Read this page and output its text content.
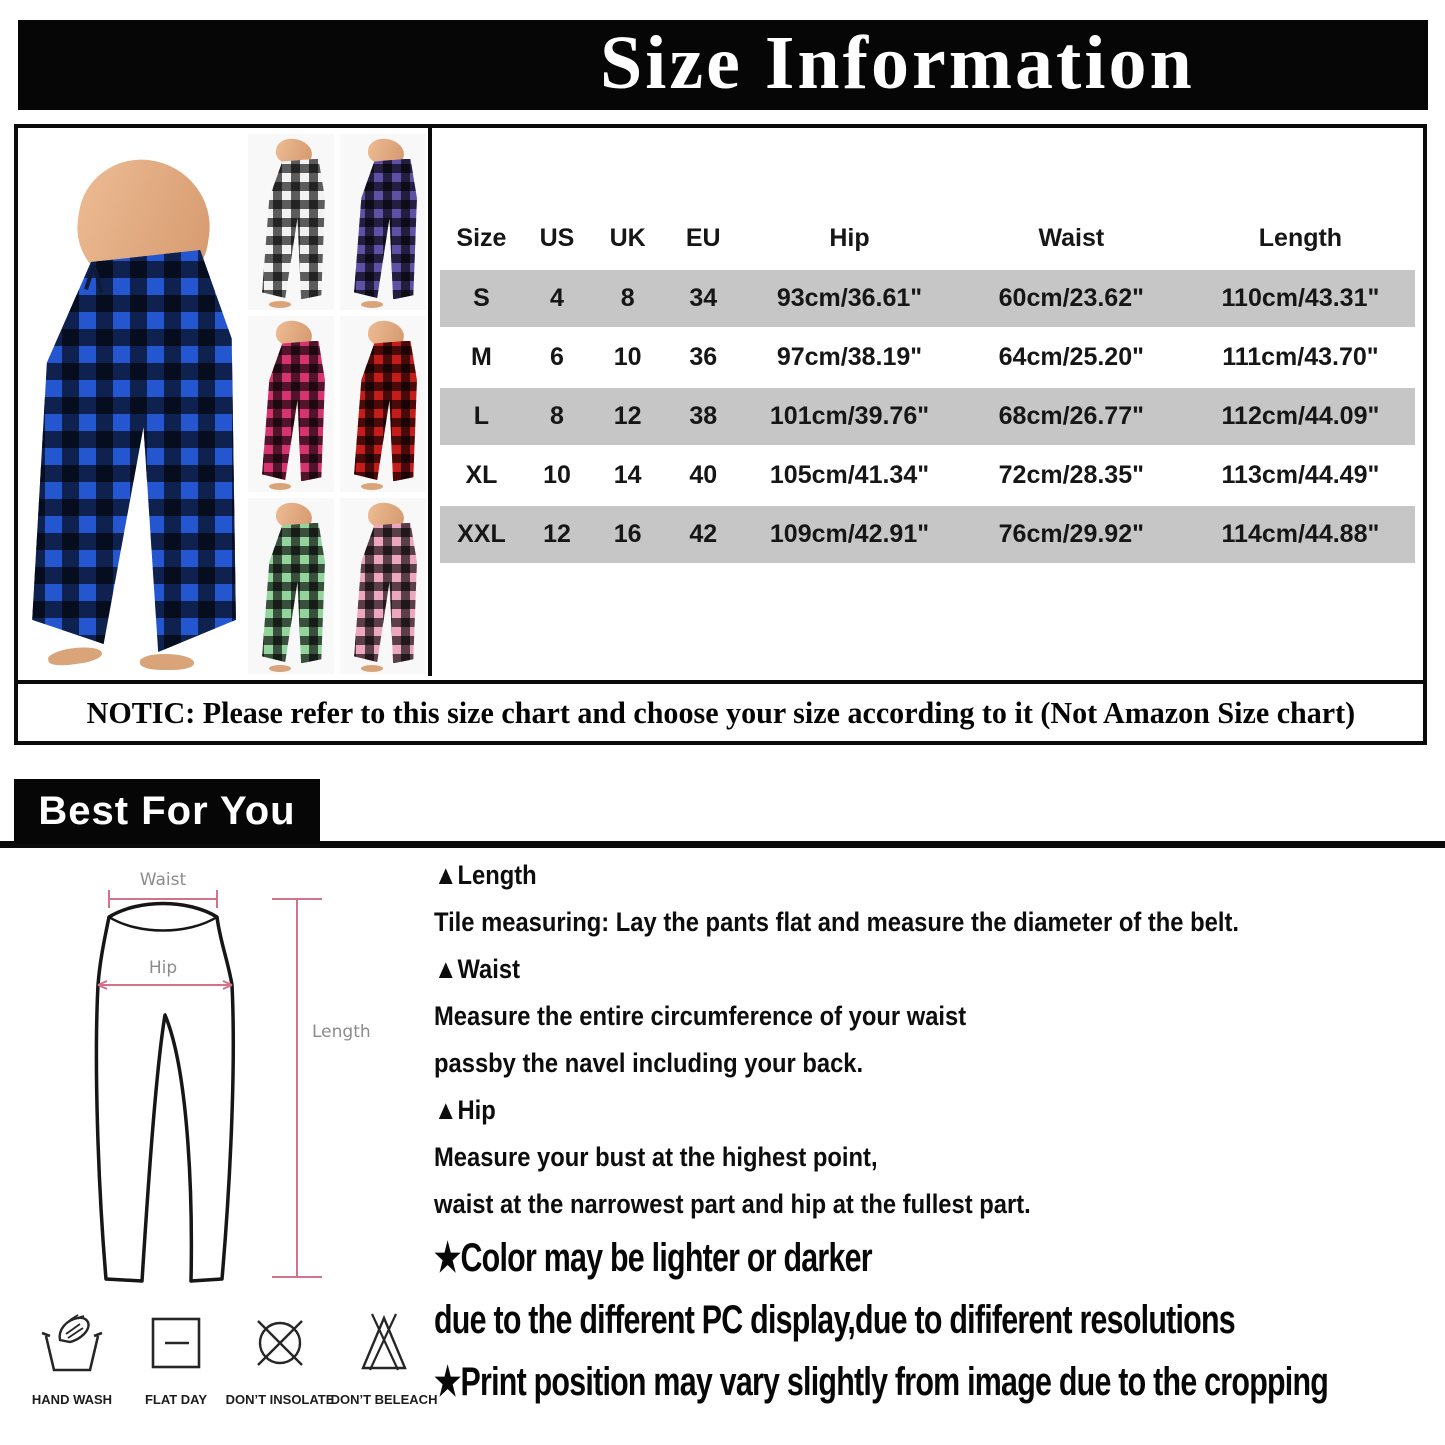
Size Information
Size	US	UK	EU	Hip	Waist	Length
S	4	8	34	93cm/36.61"	60cm/23.62"	110cm/43.31"
M	6	10	36	97cm/38.19"	64cm/25.20"	111cm/43.70"
L	8	12	38	101cm/39.76"	68cm/26.77"	112cm/44.09"
XL	10	14	40	105cm/41.34"	72cm/28.35"	113cm/44.49"
XXL	12	16	42	109cm/42.91"	76cm/29.92"	114cm/44.88"
NOTIC: Please refer to this size chart and choose your size according to it (Not Amazon Size chart)
Best For You
Waist
Hip
Length
▲Length
Tile measuring: Lay the pants flat and measure the diameter of the belt.
▲Waist
Measure the entire circumference of your waist
passby the navel including your back.
▲Hip
Measure your bust at the highest point,
waist at the narrowest part and hip at the fullest part.
★Color may be lighter or darker
due to the different PC display,due to dififerent resolutions
★Print position may vary slightly from image due to the cropping
HAND WASH	FLAT DAY DON’T INSOLATE
DON’T BELEACH
